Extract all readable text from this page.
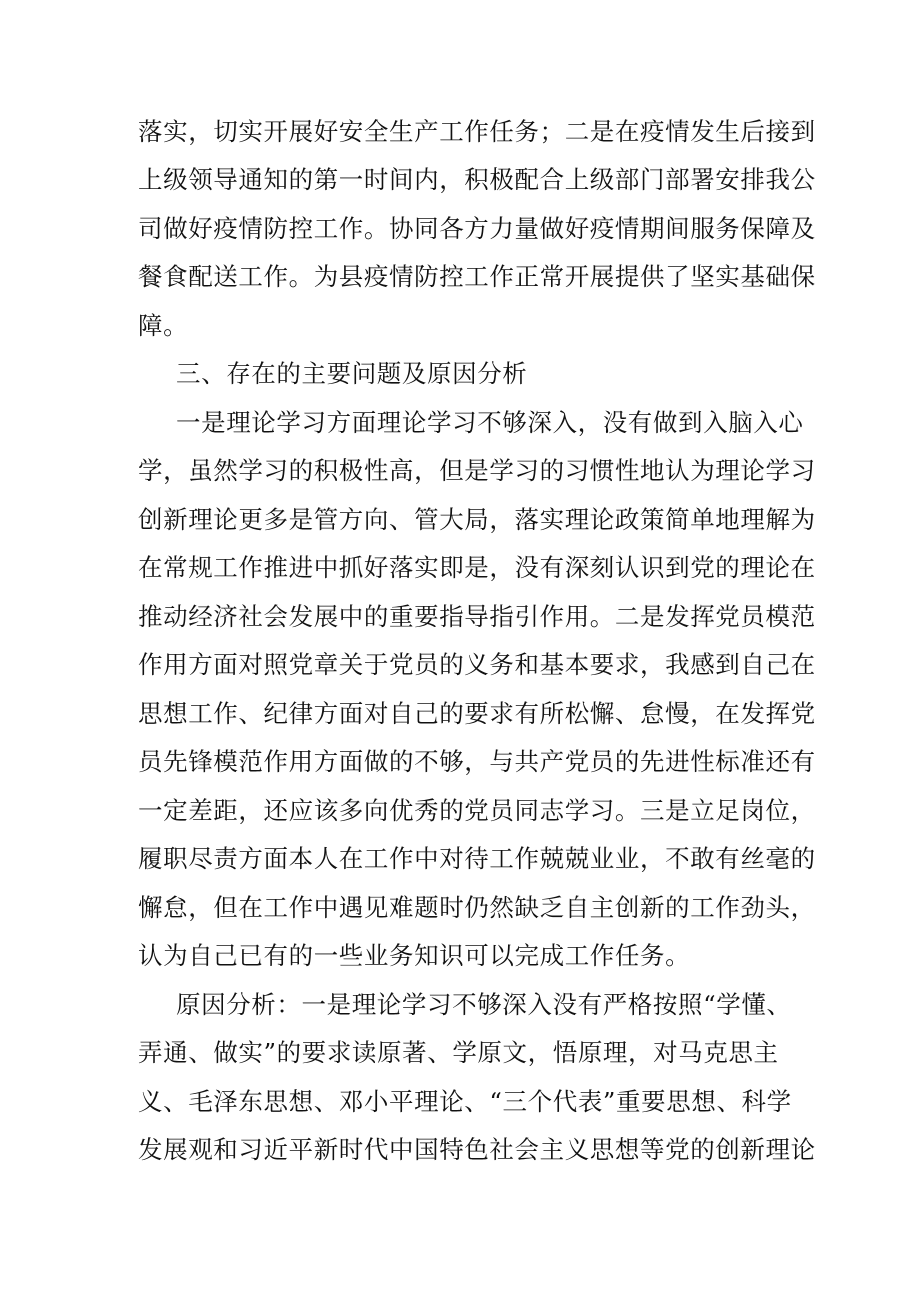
落实，切实开展好安全生产工作任务；二是在疫情发生后接到
上级领导通知的第一时间内，积极配合上级部门部署安排我公
司做好疫情防控工作。协同各方力量做好疫情期间服务保障及
餐食配送工作。为县疫情防控工作正常开展提供了坚实基础保
障。
三、存在的主要问题及原因分析
一是理论学习方面理论学习不够深入，没有做到入脑入心
学，虽然学习的积极性高，但是学习的习惯性地认为理论学习
创新理论更多是管方向、管大局，落实理论政策简单地理解为
在常规工作推进中抓好落实即是，没有深刻认识到党的理论在
推动经济社会发展中的重要指导指引作用。二是发挥党员模范
作用方面对照党章关于党员的义务和基本要求，我感到自己在
思想工作、纪律方面对自己的要求有所松懈、怠慢，在发挥党
员先锋模范作用方面做的不够，与共产党员的先进性标准还有
一定差距，还应该多向优秀的党员同志学习。三是立足岗位，
履职尽责方面本人在工作中对待工作兢兢业业，不敢有丝毫的
懈怠，但在工作中遇见难题时仍然缺乏自主创新的工作劲头，
认为自己已有的一些业务知识可以完成工作任务。
原因分析：一是理论学习不够深入没有严格按照“学懂、
弄通、做实”的要求读原著、学原文，悟原理，对马克思主
义、毛泽东思想、邓小平理论、“三个代表”重要思想、科学
发展观和习近平新时代中国特色社会主义思想等党的创新理论
